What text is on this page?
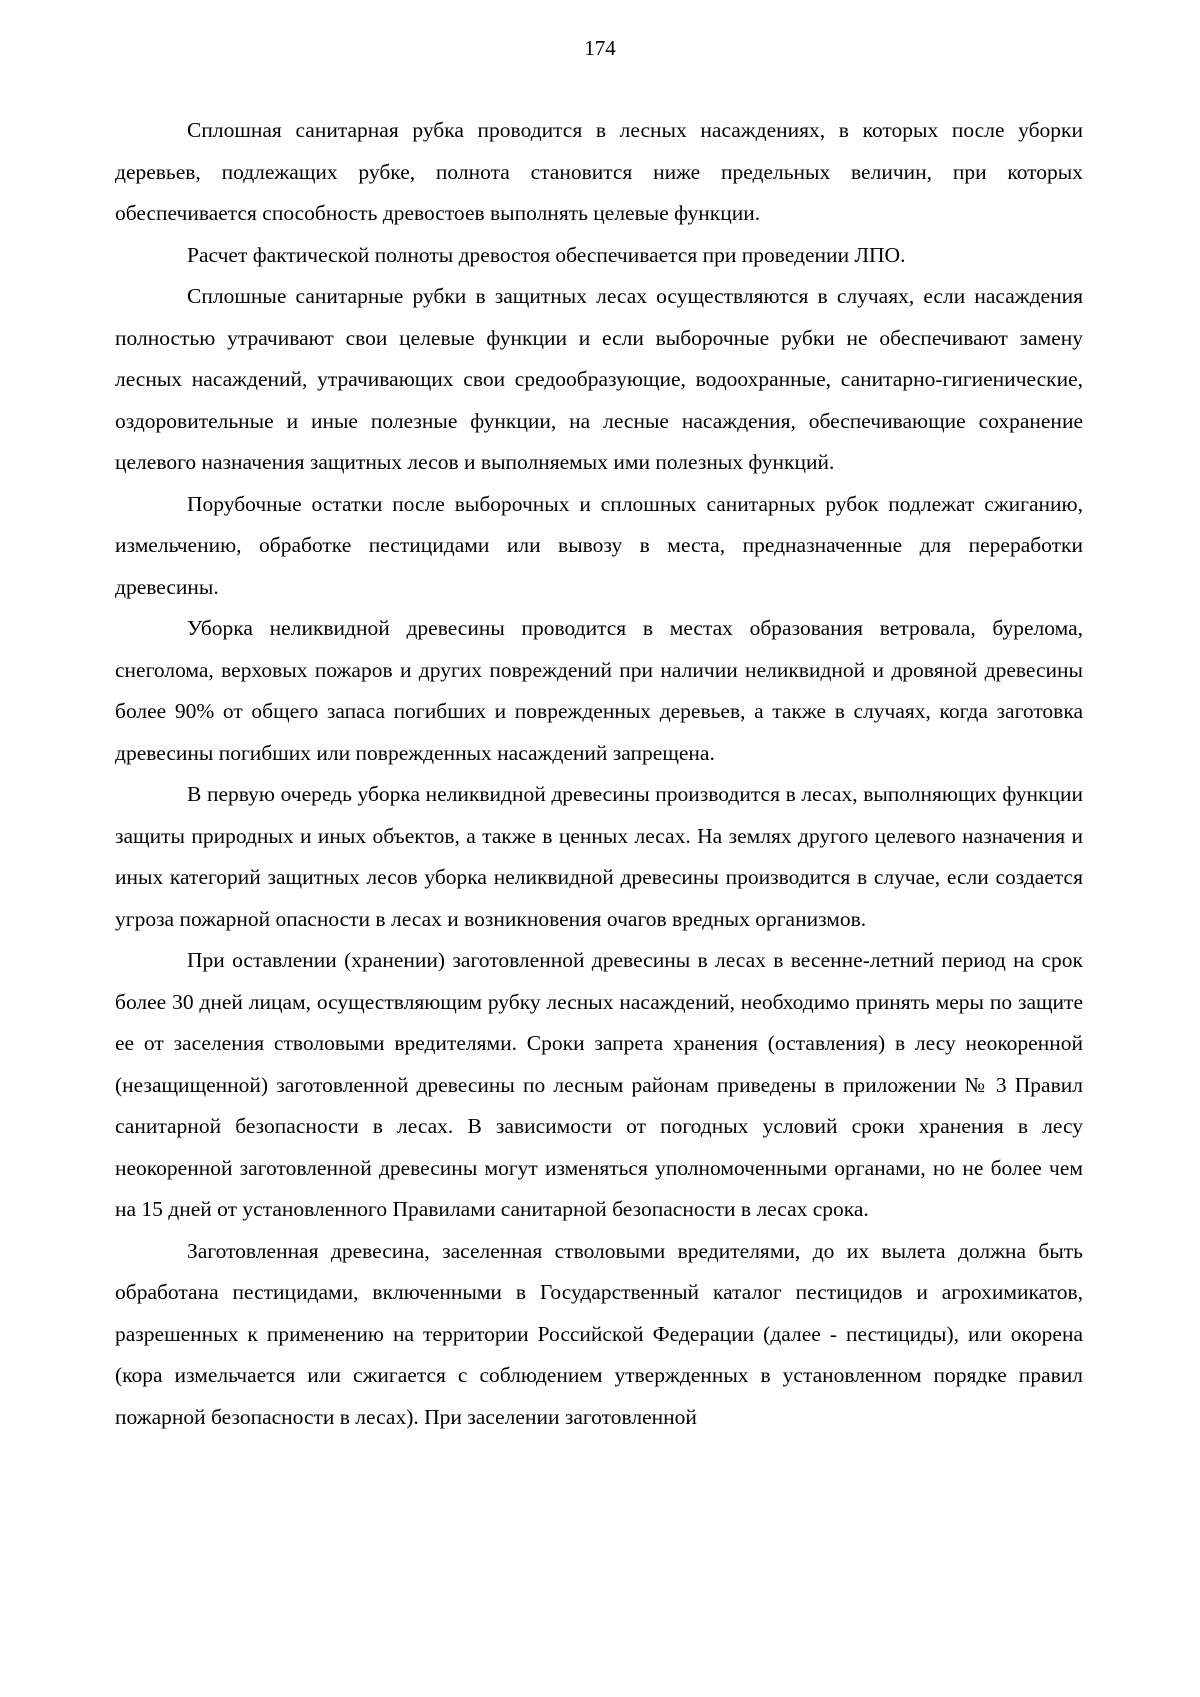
174

Сплошная санитарная рубка проводится в лесных насаждениях, в которых после уборки деревьев, подлежащих рубке, полнота становится ниже предельных величин, при которых обеспечивается способность древостоев выполнять целевые функции.

Расчет фактической полноты древостоя обеспечивается при проведении ЛПО.

Сплошные санитарные рубки в защитных лесах осуществляются в случаях, если насаждения полностью утрачивают свои целевые функции и если выборочные рубки не обеспечивают замену лесных насаждений, утрачивающих свои средообразующие, водоохранные, санитарно-гигиенические, оздоровительные и иные полезные функции, на лесные насаждения, обеспечивающие сохранение целевого назначения защитных лесов и выполняемых ими полезных функций.

Порубочные остатки после выборочных и сплошных санитарных рубок подлежат сжиганию, измельчению, обработке пестицидами или вывозу в места, предназначенные для переработки древесины.

Уборка неликвидной древесины проводится в местах образования ветровала, бурелома, снеголома, верховых пожаров и других повреждений при наличии неликвидной и дровяной древесины более 90% от общего запаса погибших и поврежденных деревьев, а также в случаях, когда заготовка древесины погибших или поврежденных насаждений запрещена.

В первую очередь уборка неликвидной древесины производится в лесах, выполняющих функции защиты природных и иных объектов, а также в ценных лесах. На землях другого целевого назначения и иных категорий защитных лесов уборка неликвидной древесины производится в случае, если создается угроза пожарной опасности в лесах и возникновения очагов вредных организмов.

При оставлении (хранении) заготовленной древесины в лесах в весенне-летний период на срок более 30 дней лицам, осуществляющим рубку лесных насаждений, необходимо принять меры по защите ее от заселения стволовыми вредителями. Сроки запрета хранения (оставления) в лесу неокоренной (незащищенной) заготовленной древесины по лесным районам приведены в приложении № 3 Правил санитарной безопасности в лесах. В зависимости от погодных условий сроки хранения в лесу неокоренной заготовленной древесины могут изменяться уполномоченными органами, но не более чем на 15 дней от установленного Правилами санитарной безопасности в лесах срока.

Заготовленная древесина, заселенная стволовыми вредителями, до их вылета должна быть обработана пестицидами, включенными в Государственный каталог пестицидов и агрохимикатов, разрешенных к применению на территории Российской Федерации (далее - пестициды), или окорена (кора измельчается или сжигается с соблюдением утвержденных в установленном порядке правил пожарной безопасности в лесах). При заселении заготовленной
